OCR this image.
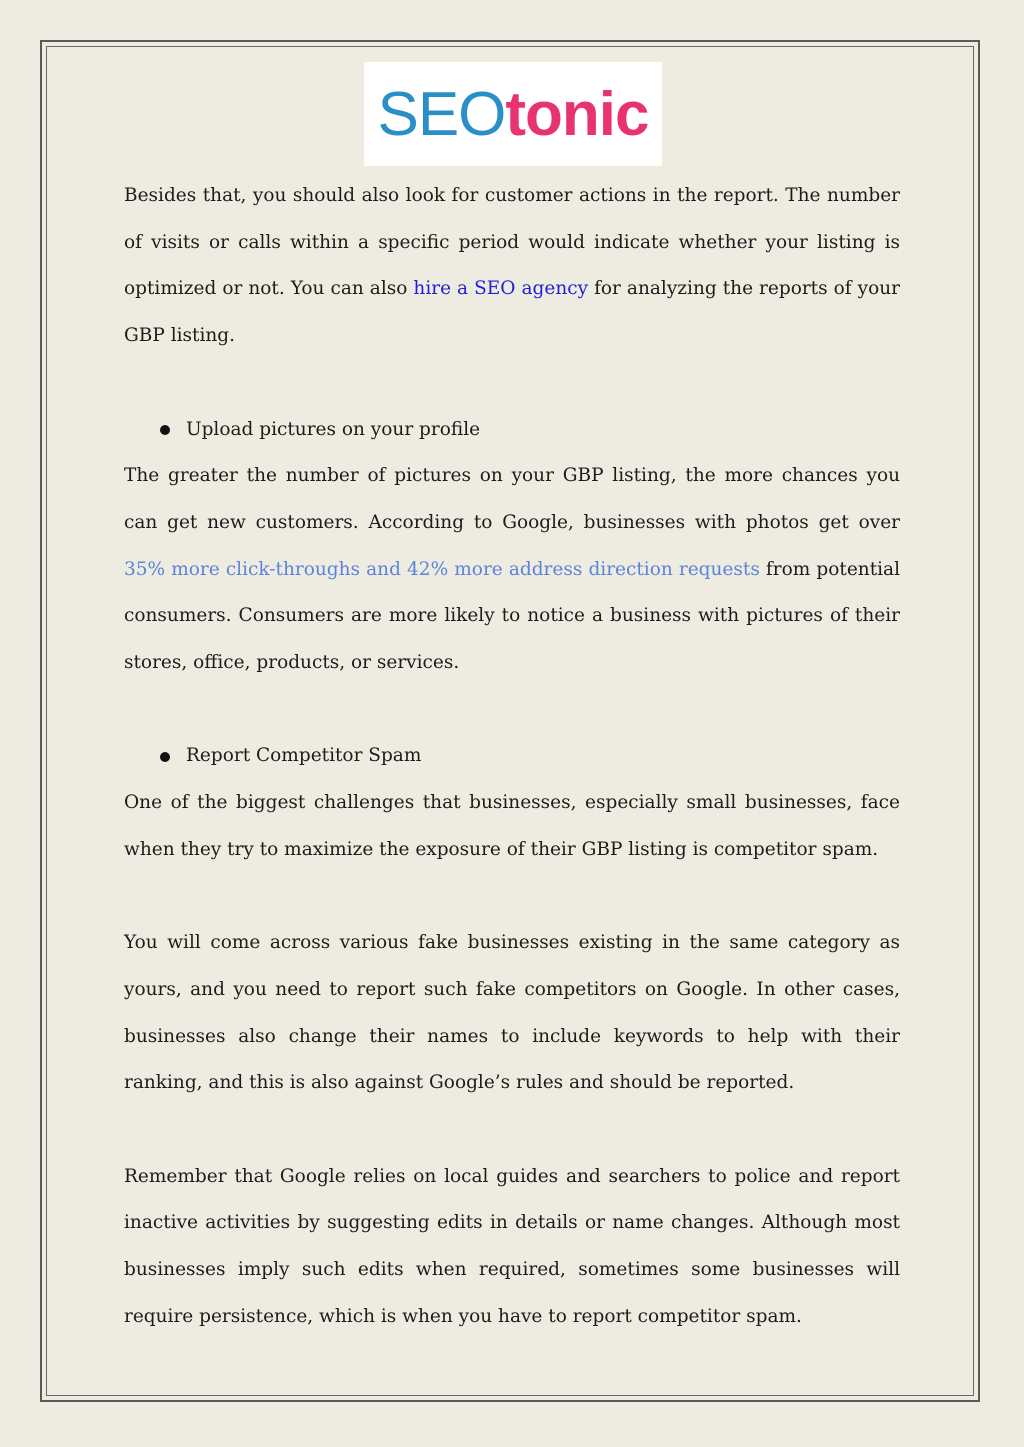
SEO tonic

Besides that, you should also look for customer actions in the report. The number of visits or calls within a specific period would indicate whether your listing is optimized or not. You can also hire a SEO agency for analyzing the reports of your GBP listing.

Upload pictures on your profile

The greater the number of pictures on your GBP listing, the more chances you can get new customers. According to Google, businesses with photos get over 35% more click-throughs and 42% more address direction requests from potential consumers. Consumers are more likely to notice a business with pictures of their stores, office, products, or services.

Report Competitor Spam

One of the biggest challenges that businesses, especially small businesses, face when they try to maximize the exposure of their GBP listing is competitor spam.

You will come across various fake businesses existing in the same category as yours, and you need to report such fake competitors on Google. In other cases, businesses also change their names to include keywords to help with their ranking, and this is also against Google’s rules and should be reported.

Remember that Google relies on local guides and searchers to police and report inactive activities by suggesting edits in details or name changes. Although most businesses imply such edits when required, sometimes some businesses will require persistence, which is when you have to report competitor spam.
